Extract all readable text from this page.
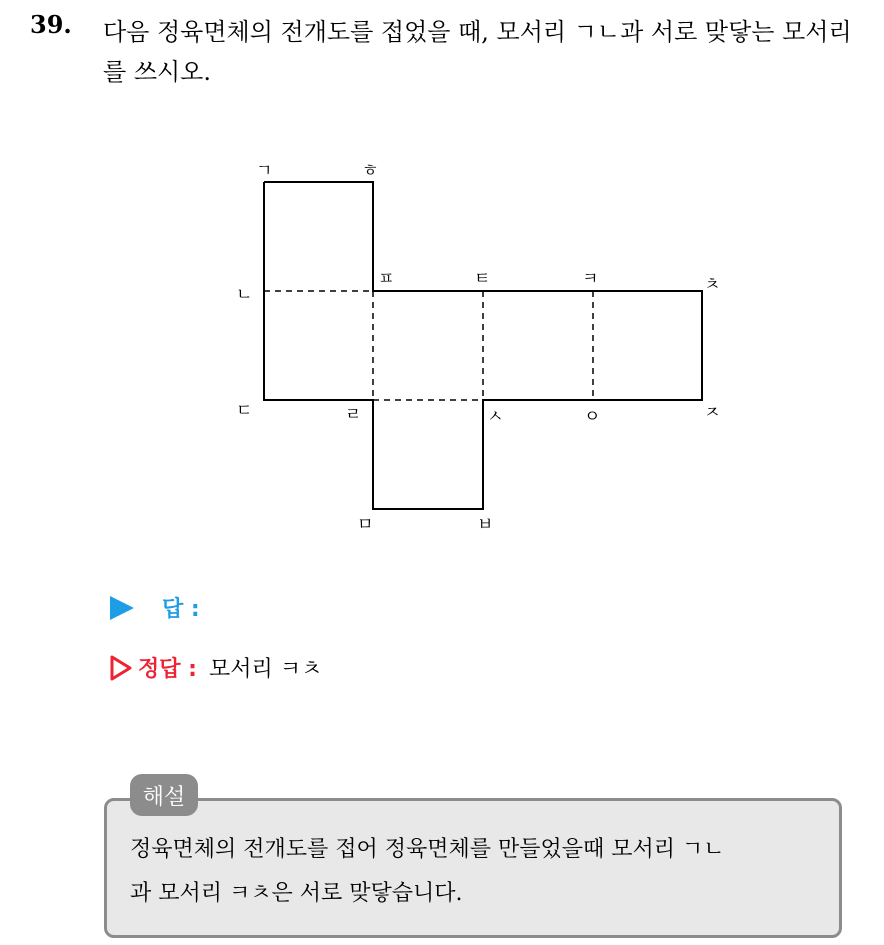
39. 다음 정육면체의 전개도를 접었을 때, 모서리 ㄱㄴ과 서로 맞닿는 모서리를 쓰시오.
ㄱ	ㅎ
ㄴ
ㅍ	ㅌ	ㅋ	ㅊ
ㄷ	ㄹ	ㅅ	ㅇ	ㅈ
ㅁ	ㅂ
답 :
정답 : 모서리 ㅋㅊ
해설
정육면체의 전개도를 접어 정육면체를 만들었을때 모서리 ㄱㄴ
과 모서리 ㅋㅊ은 서로 맞닿습니다.
